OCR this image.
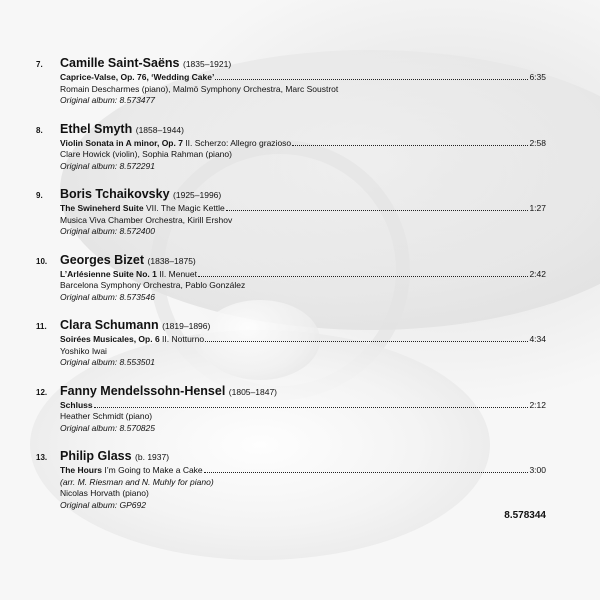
7. Camille Saint-Saëns (1835–1921)
Caprice-Valse, Op. 76, ‘Wedding Cake’	6:35
Romain Descharmes (piano), Malmö Symphony Orchestra, Marc Soustrot
Original album: 8.573477
8. Ethel Smyth (1858–1944)
Violin Sonata in A minor, Op. 7 II. Scherzo: Allegro grazioso	2:58
Clare Howick (violin), Sophia Rahman (piano)
Original album: 8.572291
9. Boris Tchaikovsky (1925–1996)
The Swineherd Suite VII. The Magic Kettle	1:27
Musica Viva Chamber Orchestra, Kirill Ershov
Original album: 8.572400
10. Georges Bizet (1838–1875)
L’Arlésienne Suite No. 1 II. Menuet	2:42
Barcelona Symphony Orchestra, Pablo González
Original album: 8.573546
11. Clara Schumann (1819–1896)
Soirées Musicales, Op. 6 II. Notturno	4:34
Yoshiko Iwai
Original album: 8.553501
12. Fanny Mendelssohn-Hensel (1805–1847)
Schluss	2:12
Heather Schmidt (piano)
Original album: 8.570825
13. Philip Glass (b. 1937)
The Hours I’m Going to Make a Cake	3:00
(arr. M. Riesman and N. Muhly for piano)
Nicolas Horvath (piano)
Original album: GP692
8.578344
